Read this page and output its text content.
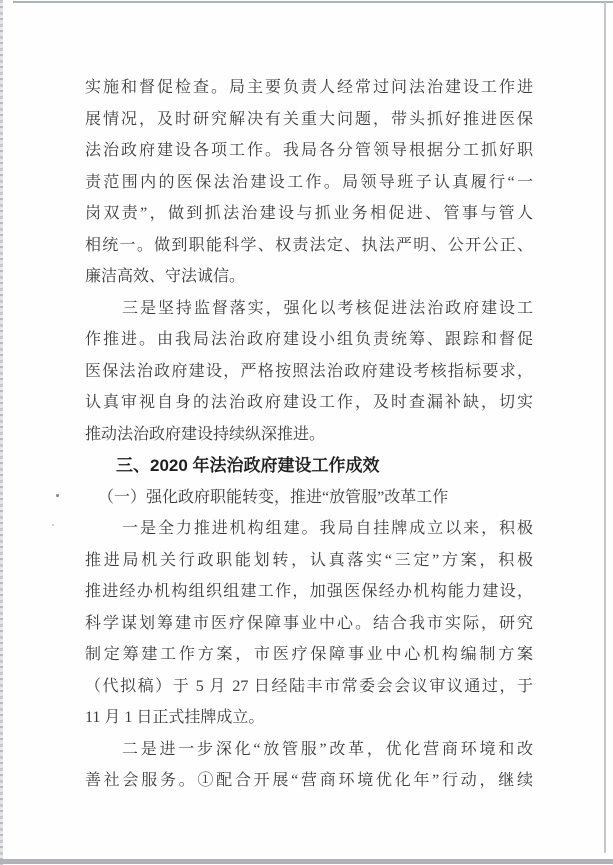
实施和督促检查。局主要负责人经常过问法治建设工作进
展情况，及时研究解决有关重大问题，带头抓好推进医保
法治政府建设各项工作。我局各分管领导根据分工抓好职
责范围内的医保法治建设工作。局领导班子认真履行“一
岗双责”，做到抓法治建设与抓业务相促进、管事与管人
相统一。做到职能科学、权责法定、执法严明、公开公正、
廉洁高效、守法诚信。
三是坚持监督落实，强化以考核促进法治政府建设工
作推进。由我局法治政府建设小组负责统筹、跟踪和督促
医保法治政府建设，严格按照法治政府建设考核指标要求，
认真审视自身的法治政府建设工作，及时查漏补缺，切实
推动法治政府建设持续纵深推进。
三、2020 年法治政府建设工作成效
（一）强化政府职能转变，推进“放管服”改革工作
一是全力推进机构组建。我局自挂牌成立以来，积极
推进局机关行政职能划转，认真落实“三定”方案，积极
推进经办机构组织组建工作，加强医保经办机构能力建设，
科学谋划筹建市医疗保障事业中心。结合我市实际，研究
制定筹建工作方案，市医疗保障事业中心机构编制方案
（代拟稿）于 5 月 27 日经陆丰市常委会会议审议通过，于
11 月 1 日正式挂牌成立。
二是进一步深化“放管服”改革，优化营商环境和改
善社会服务。①配合开展“营商环境优化年”行动，继续
